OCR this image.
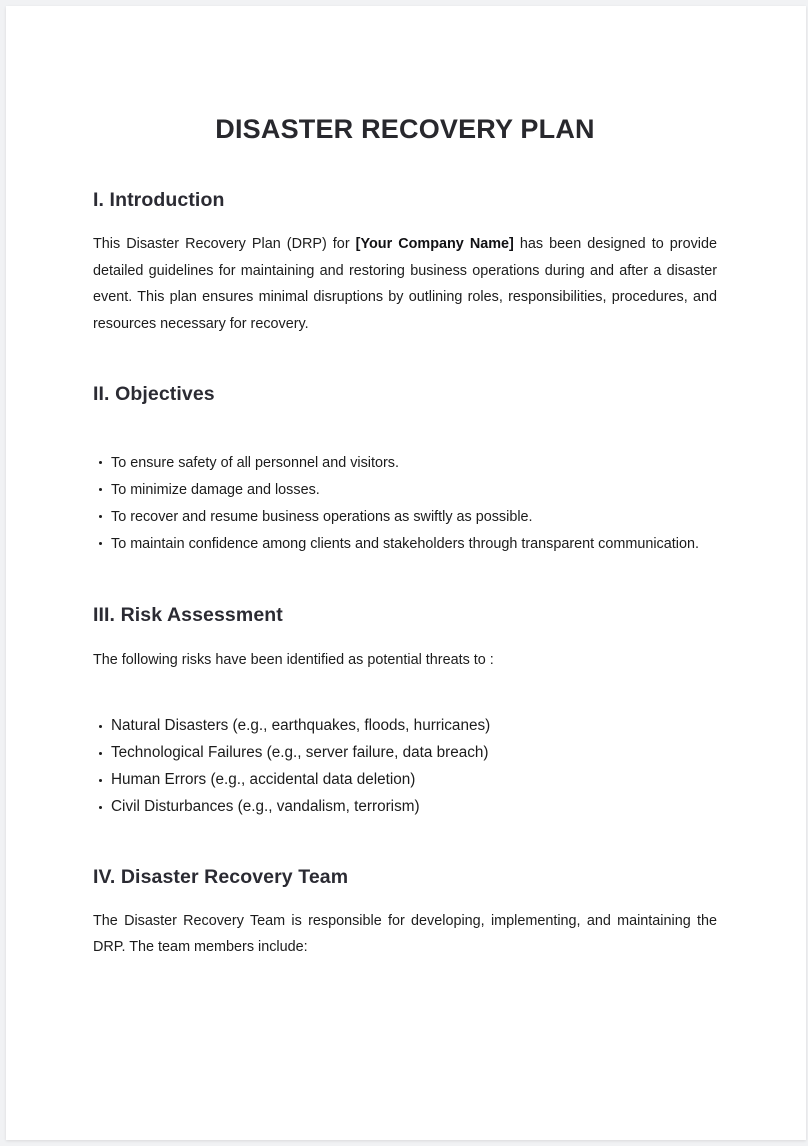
DISASTER RECOVERY PLAN
I. Introduction

This Disaster Recovery Plan (DRP) for [Your Company Name] has been designed to provide detailed guidelines for maintaining and restoring business operations during and after a disaster event. This plan ensures minimal disruptions by outlining roles, responsibilities, procedures, and resources necessary for recovery.

II. Objectives
To ensure safety of all personnel and visitors.
To minimize damage and losses.
To recover and resume business operations as swiftly as possible.
To maintain confidence among clients and stakeholders through transparent communication.
III. Risk Assessment

The following risks have been identified as potential threats to :

Natural Disasters (e.g., earthquakes, floods, hurricanes)
Technological Failures (e.g., server failure, data breach)
Human Errors (e.g., accidental data deletion)
Civil Disturbances (e.g., vandalism, terrorism)
IV. Disaster Recovery Team

The Disaster Recovery Team is responsible for developing, implementing, and maintaining the DRP. The team members include:
